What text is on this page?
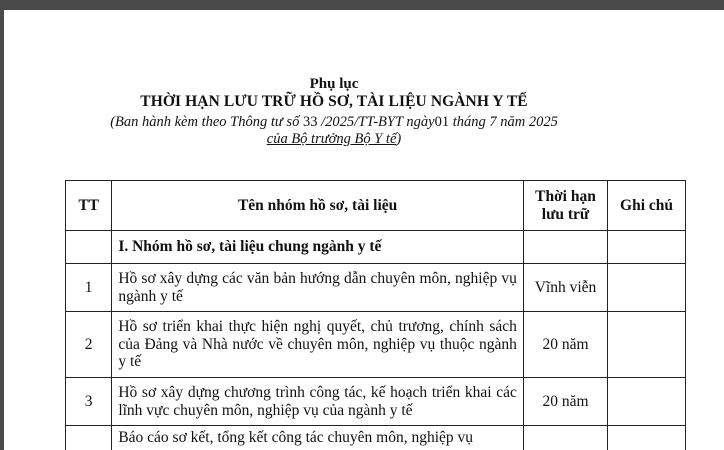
Phụ lục
THỜI HẠN LƯU TRỮ HỒ SƠ, TÀI LIỆU NGÀNH Y TẾ
(Ban hành kèm theo Thông tư số 33 /2025/TT-BYT ngày01 tháng 7 năm 2025
của Bộ trưởng Bộ Y tế)
TT	Tên nhóm hồ sơ, tài liệu	Thời hạn lưu trữ	Ghi chú
	I. Nhóm hồ sơ, tài liệu chung ngành y tế		
1	Hồ sơ xây dựng các văn bản hướng dẫn chuyên môn, nghiệp vụ ngành y tế	Vĩnh viễn	
2	Hồ sơ triển khai thực hiện nghị quyết, chủ trương, chính sách của Đảng và Nhà nước về chuyên môn, nghiệp vụ thuộc ngành y tế	20 năm	
3	Hồ sơ xây dựng chương trình công tác, kế hoạch triển khai các lĩnh vực chuyên môn, nghiệp vụ của ngành y tế	20 năm	
	Báo cáo sơ kết, tổng kết công tác chuyên môn, nghiệp vụ		
